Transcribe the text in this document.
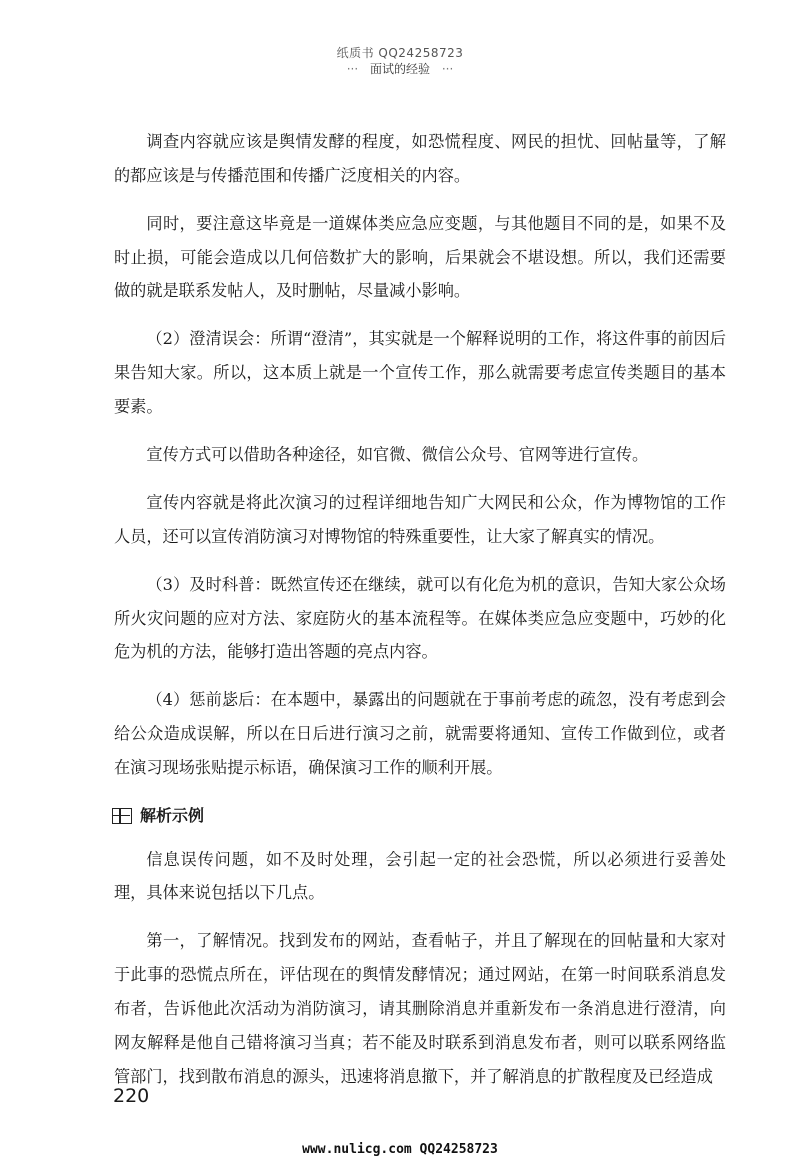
纸质书 QQ24258723
··· 面试的经验 ···

调查内容就应该是舆情发酵的程度，如恐慌程度、网民的担忧、回帖量等，了解的都应该是与传播范围和传播广泛度相关的内容。

同时，要注意这毕竟是一道媒体类应急应变题，与其他题目不同的是，如果不及时止损，可能会造成以几何倍数扩大的影响，后果就会不堪设想。所以，我们还需要做的就是联系发帖人，及时删帖，尽量减小影响。

（2）澄清误会：所谓“澄清”，其实就是一个解释说明的工作，将这件事的前因后果告知大家。所以，这本质上就是一个宣传工作，那么就需要考虑宣传类题目的基本要素。

宣传方式可以借助各种途径，如官微、微信公众号、官网等进行宣传。

宣传内容就是将此次演习的过程详细地告知广大网民和公众，作为博物馆的工作人员，还可以宣传消防演习对博物馆的特殊重要性，让大家了解真实的情况。

（3）及时科普：既然宣传还在继续，就可以有化危为机的意识，告知大家公众场所火灾问题的应对方法、家庭防火的基本流程等。在媒体类应急应变题中，巧妙的化危为机的方法，能够打造出答题的亮点内容。

（4）惩前毖后：在本题中，暴露出的问题就在于事前考虑的疏忽，没有考虑到会给公众造成误解，所以在日后进行演习之前，就需要将通知、宣传工作做到位，或者在演习现场张贴提示标语，确保演习工作的顺利开展。

解析示例

信息误传问题，如不及时处理，会引起一定的社会恐慌，所以必须进行妥善处理，具体来说包括以下几点。

第一，了解情况。找到发布的网站，查看帖子，并且了解现在的回帖量和大家对于此事的恐慌点所在，评估现在的舆情发酵情况；通过网站，在第一时间联系消息发布者，告诉他此次活动为消防演习，请其删除消息并重新发布一条消息进行澄清，向网友解释是他自己错将演习当真；若不能及时联系到消息发布者，则可以联系网络监管部门，找到散布消息的源头，迅速将消息撤下，并了解消息的扩散程度及已经造成

220
www.nulicg.com QQ24258723
